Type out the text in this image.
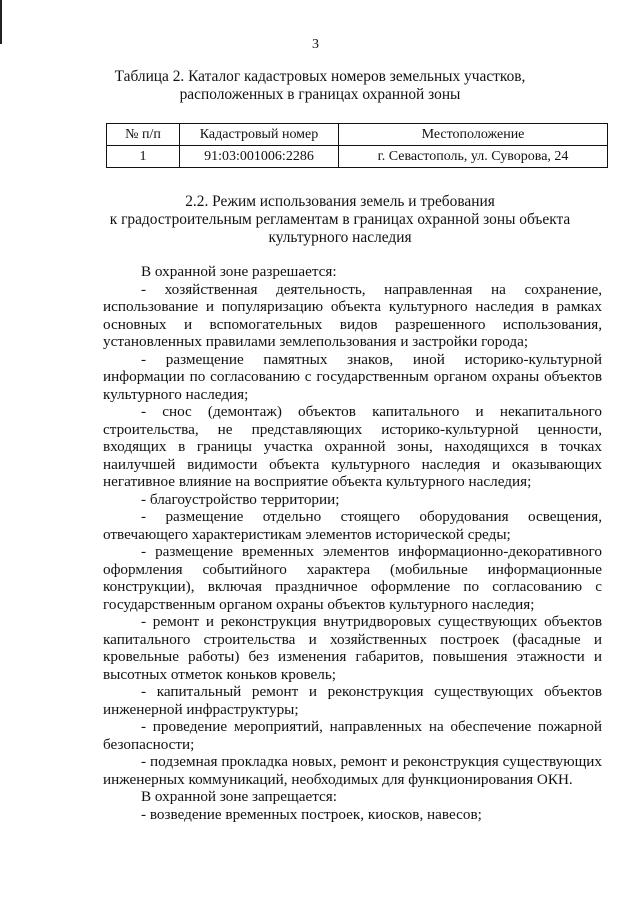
3
Таблица 2. Каталог кадастровых номеров земельных участков,
расположенных в границах охранной зоны
№ п/п	Кадастровый номер	Местоположение
1	91:03:001006:2286	г. Севастополь, ул. Суворова, 24
2.2. Режим использования земель и требования
к градостроительным регламентам в границах охранной зоны объекта
культурного наследия

В охранной зоне разрешается:

- хозяйственная деятельность, направленная на сохранение, использование и популяризацию объекта культурного наследия в рамках основных и вспомогательных видов разрешенного использования, установленных правилами землепользования и застройки города;

- размещение памятных знаков, иной историко-культурной информации по согласованию с государственным органом охраны объектов культурного наследия;

- снос (демонтаж) объектов капитального и некапитального строительства, не представляющих историко-культурной ценности, входящих в границы участка охранной зоны, находящихся в точках наилучшей видимости объекта культурного наследия и оказывающих негативное влияние на восприятие объекта культурного наследия;

- благоустройство территории;

- размещение отдельно стоящего оборудования освещения, отвечающего характеристикам элементов исторической среды;

- размещение временных элементов информационно-декоративного оформления событийного характера (мобильные информационные конструкции), включая праздничное оформление по согласованию с государственным органом охраны объектов культурного наследия;

- ремонт и реконструкция внутридворовых существующих объектов капитального строительства и хозяйственных построек (фасадные и кровельные работы) без изменения габаритов, повышения этажности и высотных отметок коньков кровель;

- капитальный ремонт и реконструкция существующих объектов инженерной инфраструктуры;

- проведение мероприятий, направленных на обеспечение пожарной безопасности;

- подземная прокладка новых, ремонт и реконструкция существующих инженерных коммуникаций, необходимых для функционирования ОКН.

В охранной зоне запрещается:

- возведение временных построек, киосков, навесов;
